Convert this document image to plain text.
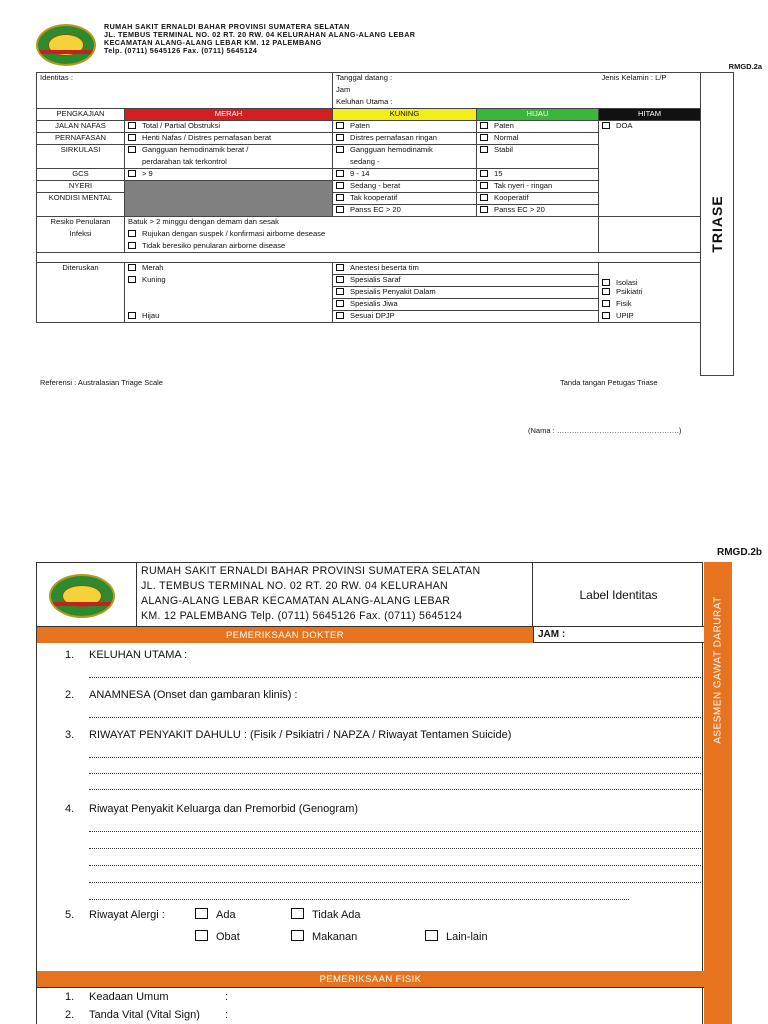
RUMAH SAKIT ERNALDI BAHAR PROVINSI SUMATERA SELATAN
JL. TEMBUS TERMINAL NO. 02 RT. 20 RW. 04 KELURAHAN ALANG-ALANG LEBAR
KECAMATAN ALANG-ALANG LEBAR KM. 12 PALEMBANG
Telp. (0711) 5645126 Fax. (0711) 5645124
RMGD.2a
Identitas :		Tanggal datang :		Jenis Kelamin : L/P
		Jam		
		Keluhan Utama :		
PENGKAJIAN	MERAH	KUNING	HIJAU	HITAM
JALAN NAFAS	Total / Partial Obstruksi	Paten	Paten	DOA
PERNAFASAN	Henti Nafas / Distres pernafasan berat	Distres pernafasan ringan	Normal	
SIRKULASI	Gangguan hemodinamik berat /	Gangguan hemodinamik	Stabil	
	perdarahan tak terkontrol	sedang -		
GCS	> 9	9 - 14	15	
NYERI		Sedang - berat	Tak nyeri - ringan	
KONDISI MENTAL		Tak kooperatif	Kooperatif	
		Panss EC > 20	Panss EC > 20	
Resiko Penularan	Batuk > 2 minggu dengan demam dan sesak			
Infeksi	Rujukan dengan suspek / konfirmasi airborne desease			
	Tidak beresiko penularan airborne disease			

Diteruskan	Merah	Anestesi beserta tim		
	Kuning	Spesialis Saraf		Isolasi
		Spesialis Penyakit Dalam		Psikiatri
		Spesialis Jiwa		Fisik
	Hijau	Sesuai DPJP		UPIP
TRIASE
Referensi : Australasian Triage Scale	Tanda tangan Petugas Triase
(Nama : ………………………………………….)
RMGD.2b
RUMAH SAKIT ERNALDI BAHAR PROVINSI SUMATERA SELATAN
JL. TEMBUS TERMINAL NO. 02 RT. 20 RW. 04 KELURAHAN
ALANG-ALANG LEBAR KECAMATAN ALANG-ALANG LEBAR
KM. 12 PALEMBANG Telp. (0711) 5645126 Fax. (0711) 5645124
Label Identitas
PEMERIKSAAN DOKTER	JAM :
1. KELUHAN UTAMA :
2. ANAMNESA (Onset dan gambaran klinis) :
3. RIWAYAT PENYAKIT DAHULU : (Fisik / Psikiatri / NAPZA / Riwayat Tentamen Suicide)
4. Riwayat Penyakit Keluarga dan Premorbid (Genogram)
5. Riwayat Alergi :	Ada	Tidak Ada
Obat	Makanan	Lain-lain
PEMERIKSAAN FISIK
1. Keadaan Umum	:
2. Tanda Vital (Vital Sign) :
ASESMEN GAWAT DARURAT
